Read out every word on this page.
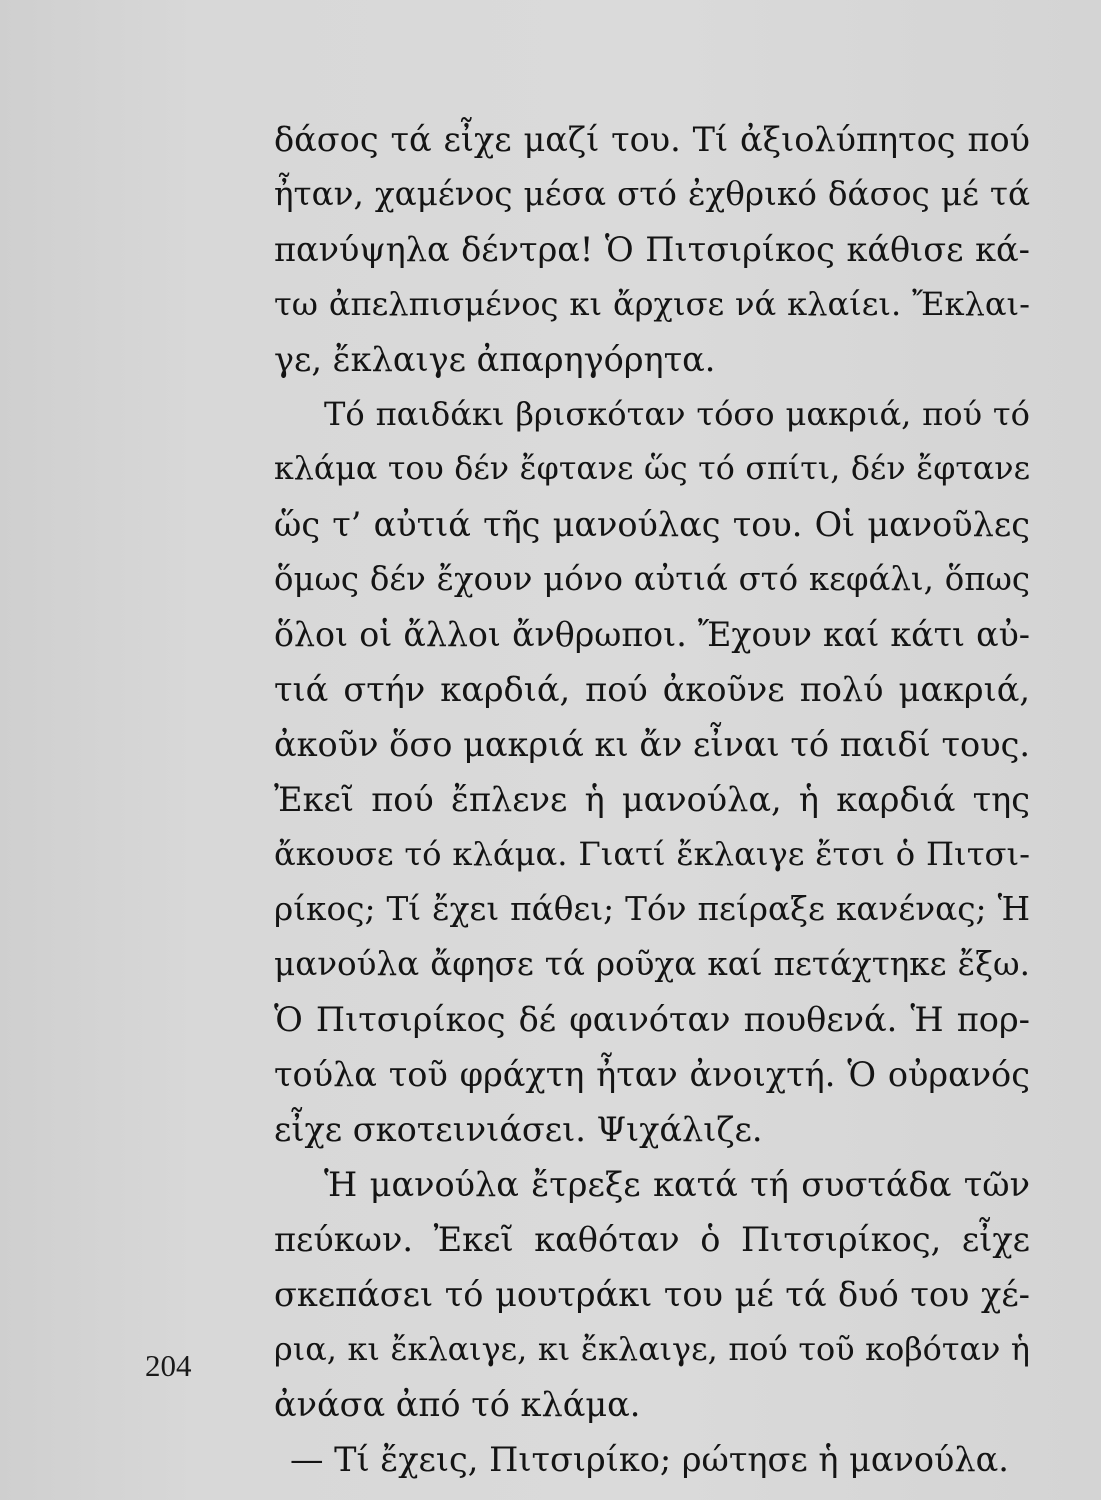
δάσος τά εἶχε μαζί του. Τί ἀξιολύπητος πού
ἦταν, χαμένος μέσα στό ἐχθρικό δάσος μέ τά
πανύψηλα δέντρα! Ὁ Πιτσιρίκος κάθισε κά-
τω ἀπελπισμένος κι ἄρχισε νά κλαίει. Ἔκλαι-
γε, ἔκλαιγε ἀπαρηγόρητα.
Τό παιδάκι βρισκόταν τόσο μακριά, πού τό
κλάμα του δέν ἔφτανε ὥς τό σπίτι, δέν ἔφτανε
ὥς τ’ αὐτιά τῆς μανούλας του. Οἱ μανοῦλες
ὅμως δέν ἔχουν μόνο αὐτιά στό κεφάλι, ὅπως
ὅλοι οἱ ἄλλοι ἄνθρωποι. Ἔχουν καί κάτι αὐ-
τιά στήν καρδιά, πού ἀκοῦνε πολύ μακριά,
ἀκοῦν ὅσο μακριά κι ἄν εἶναι τό παιδί τους.
Ἐκεῖ πού ἔπλενε ἡ μανούλα, ἡ καρδιά της
ἄκουσε τό κλάμα. Γιατί ἔκλαιγε ἔτσι ὁ Πιτσι-
ρίκος; Τί ἔχει πάθει; Τόν πείραξε κανένας; Ἡ
μανούλα ἄφησε τά ροῦχα καί πετάχτηκε ἔξω.
Ὁ Πιτσιρίκος δέ φαινόταν πουθενά. Ἡ πορ-
τούλα τοῦ φράχτη ἦταν ἀνοιχτή. Ὁ οὐρανός
εἶχε σκοτεινιάσει. Ψιχάλιζε.
Ἡ μανούλα ἔτρεξε κατά τή συστάδα τῶν
πεύκων. Ἐκεῖ καθόταν ὁ Πιτσιρίκος, εἶχε
σκεπάσει τό μουτράκι του μέ τά δυό του χέ-
ρια, κι ἔκλαιγε, κι ἔκλαιγε, πού τοῦ κοβόταν ἡ
ἀνάσα ἀπό τό κλάμα.
— Τί ἔχεις, Πιτσιρίκο; ρώτησε ἡ μανούλα.
204
